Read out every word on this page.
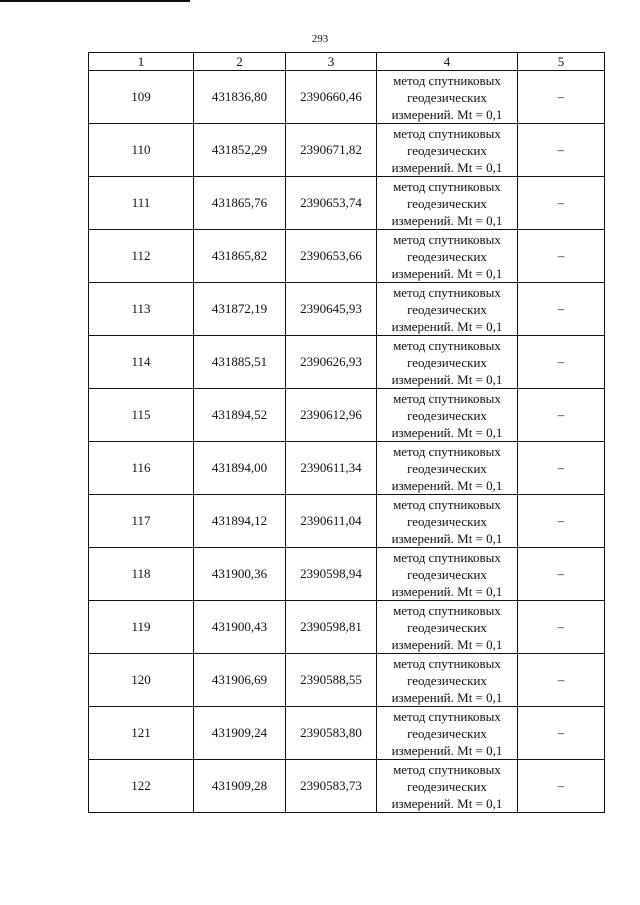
293
1	2	3	4	5
109	431836,80	2390660,46	метод спутниковых
геодезических
измерений. Mt = 0,1	–
110	431852,29	2390671,82	метод спутниковых
геодезических
измерений. Mt = 0,1	–
111	431865,76	2390653,74	метод спутниковых
геодезических
измерений. Mt = 0,1	–
112	431865,82	2390653,66	метод спутниковых
геодезических
измерений. Mt = 0,1	–
113	431872,19	2390645,93	метод спутниковых
геодезических
измерений. Mt = 0,1	–
114	431885,51	2390626,93	метод спутниковых
геодезических
измерений. Mt = 0,1	–
115	431894,52	2390612,96	метод спутниковых
геодезических
измерений. Mt = 0,1	–
116	431894,00	2390611,34	метод спутниковых
геодезических
измерений. Mt = 0,1	–
117	431894,12	2390611,04	метод спутниковых
геодезических
измерений. Mt = 0,1	–
118	431900,36	2390598,94	метод спутниковых
геодезических
измерений. Mt = 0,1	–
119	431900,43	2390598,81	метод спутниковых
геодезических
измерений. Mt = 0,1	–
120	431906,69	2390588,55	метод спутниковых
геодезических
измерений. Mt = 0,1	–
121	431909,24	2390583,80	метод спутниковых
геодезических
измерений. Mt = 0,1	–
122	431909,28	2390583,73	метод спутниковых
геодезических
измерений. Mt = 0,1	–
